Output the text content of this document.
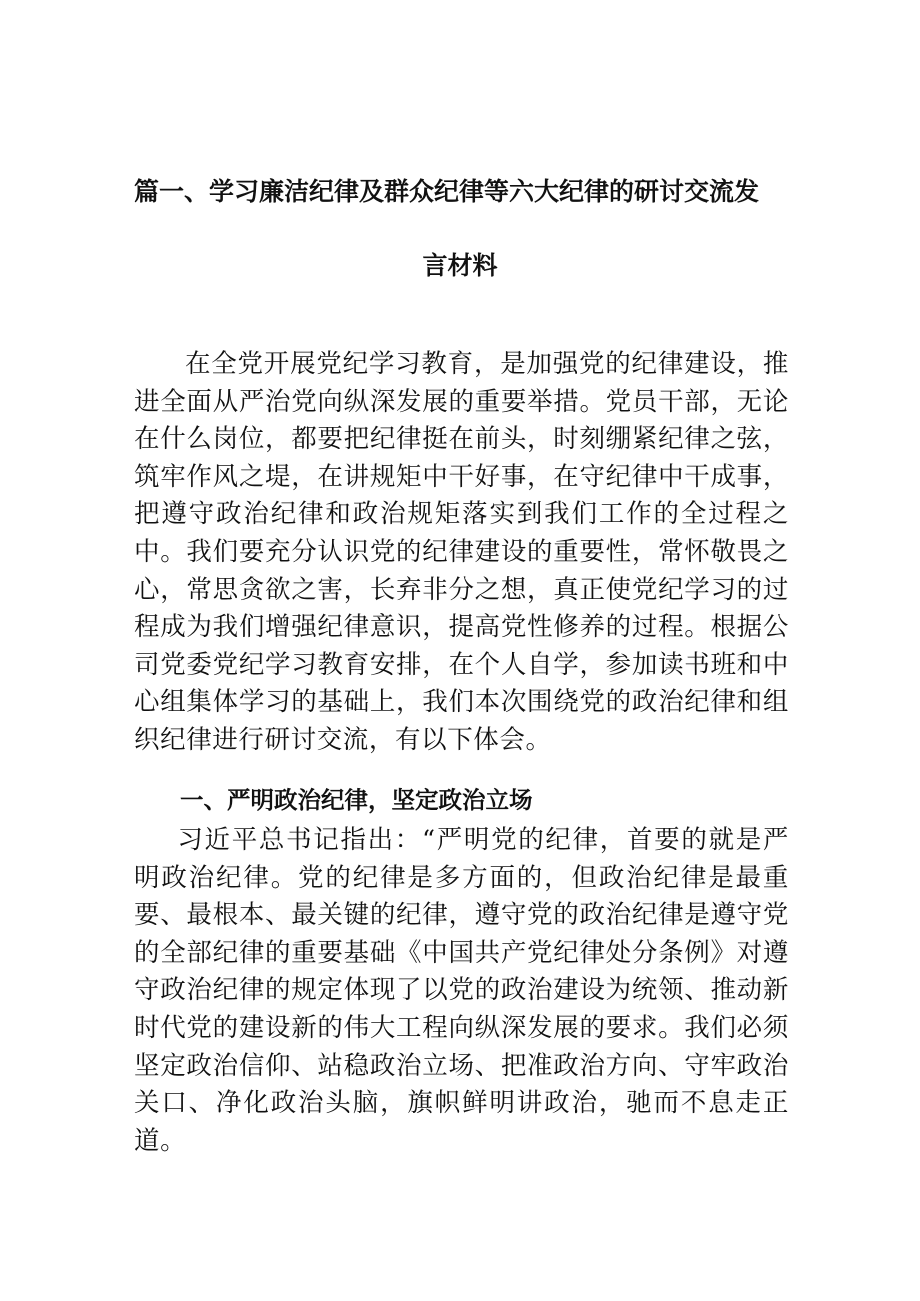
篇一、学习廉洁纪律及群众纪律等六大纪律的研讨交流发
言材料
在全党开展党纪学习教育，是加强党的纪律建设，推进全面从严治党向纵深发展的重要举措。党员干部，无论在什么岗位，都要把纪律挺在前头，时刻绷紧纪律之弦，筑牢作风之堤，在讲规矩中干好事，在守纪律中干成事，把遵守政治纪律和政治规矩落实到我们工作的全过程之中。我们要充分认识党的纪律建设的重要性，常怀敬畏之心，常思贪欲之害，长弃非分之想，真正使党纪学习的过程成为我们增强纪律意识，提高党性修养的过程。根据公司党委党纪学习教育安排，在个人自学，参加读书班和中心组集体学习的基础上，我们本次围绕党的政治纪律和组织纪律进行研讨交流，有以下体会。
一、严明政治纪律，坚定政治立场
习近平总书记指出：“严明党的纪律，首要的就是严明政治纪律。党的纪律是多方面的，但政治纪律是最重要、最根本、最关键的纪律，遵守党的政治纪律是遵守党的全部纪律的重要基础《中国共产党纪律处分条例》对遵守政治纪律的规定体现了以党的政治建设为统领、推动新时代党的建设新的伟大工程向纵深发展的要求。我们必须坚定政治信仰、站稳政治立场、把准政治方向、守牢政治关口、净化政治头脑，旗帜鲜明讲政治，驰而不息走正道。
